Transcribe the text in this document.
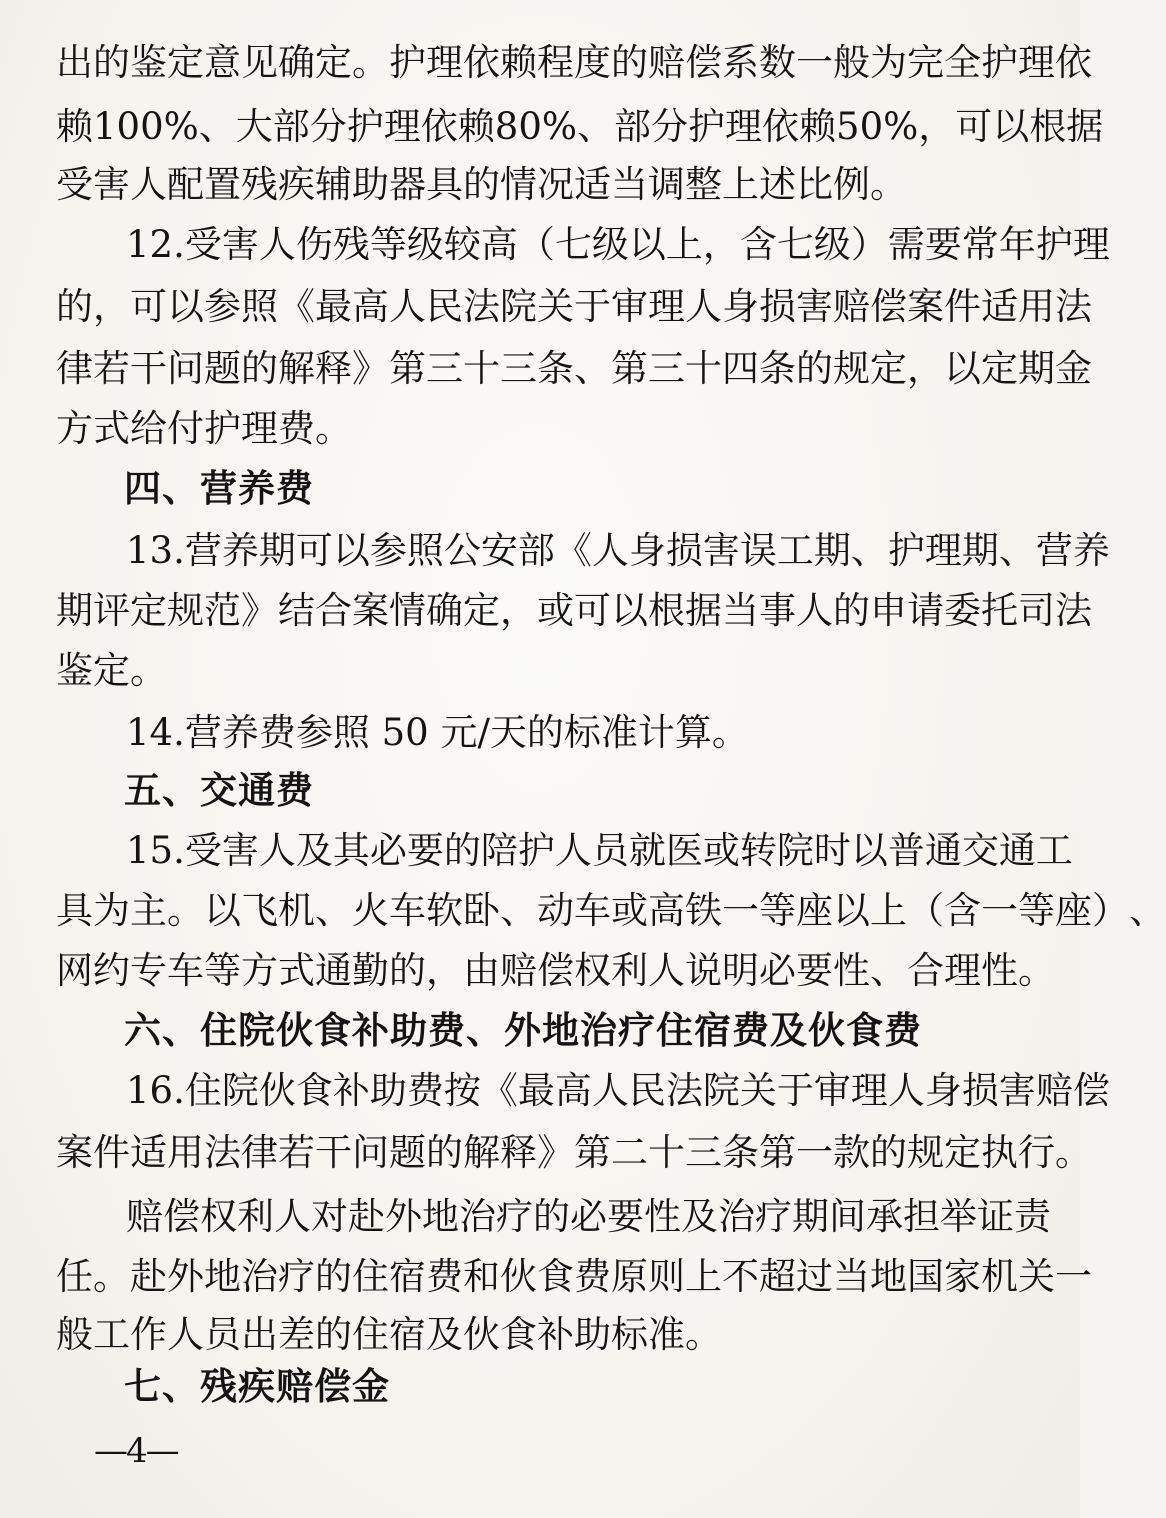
出 的 鉴 定 意 见 确 定 。 护 理 依 赖 程 度 的 赔 偿 系 数 一 般 为 完 全 护 理 依
赖 100% 、 大 部 分 护 理 依 赖 80% 、 部 分 护 理 依 赖 50% ， 可 以 根 据
受害人配置残疾辅助器具的情况适当调整上述比例。
12. 受 害 人 伤 残 等 级 较 高 （ 七 级 以 上 ， 含 七 级 ） 需 要 常 年 护 理
的 ， 可 以 参 照 《 最 高 人 民 法 院 关 于 审 理 人 身 损 害 赔 偿 案 件 适 用 法
律 若 干 问 题 的 解 释 》 第 三 十 三 条 、 第 三 十 四 条 的 规 定 ， 以 定 期 金
方式给付护理费。
四、营养费
13. 营 养 期 可 以 参 照 公 安 部 《 人 身 损 害 误 工 期 、 护 理 期 、 营 养
期 评 定 规 范 》 结 合 案 情 确 定 ， 或 可 以 根 据 当 事 人 的 申 请 委 托 司 法
鉴定。
14.营养费参照 50 元/天的标准计算。
五、交通费
15. 受 害 人 及 其 必 要 的 陪 护 人 员 就 医 或 转 院 时 以 普 通 交 通 工
具 为 主 。 以 飞 机 、 火 车 软 卧 、 动 车 或 高 铁 一 等 座 以 上 （ 含 一 等 座 ） 、
网约专车等方式通勤的，由赔偿权利人说明必要性、合理性。
六、住院伙食补助费、外地治疗住宿费及伙食费
16. 住 院 伙 食 补 助 费 按 《 最 高 人 民 法 院 关 于 审 理 人 身 损 害 赔 偿
案 件 适 用 法 律 若 干 问 题 的 解 释 》 第 二 十 三 条 第 一 款 的 规 定 执 行 。
赔 偿 权 利 人 对 赴 外 地 治 疗 的 必 要 性 及 治 疗 期 间 承 担 举 证 责
任 。 赴 外 地 治 疗 的 住 宿 费 和 伙 食 费 原 则 上 不 超 过 当 地 国 家 机 关 一
般工作人员出差的住宿及伙食补助标准。
七、残疾赔偿金
—4—
